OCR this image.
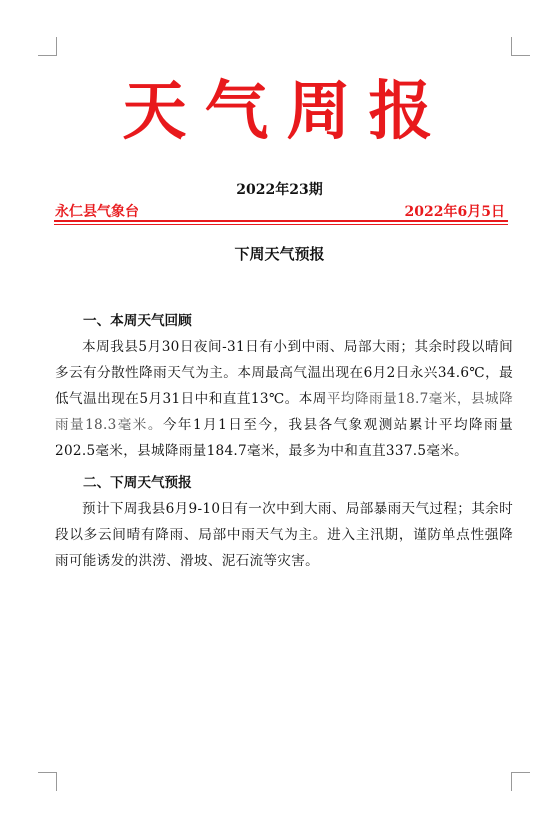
天气周报
2022年23期
永仁县气象台	2022年6月5日
下周天气预报

一、本周天气回顾

本周我县5月30日夜间-31日有小到中雨、局部大雨；其余时段以晴间多云有分散性降雨天气为主。本周最高气温出现在6月2日永兴34.6℃，最低气温出现在5月31日中和直苴13℃。本周平均降雨量18.7毫米，县城降雨量18.3毫米。今年1月1日至今，我县各气象观测站累计平均降雨量202.5毫米，县城降雨量184.7毫米，最多为中和直苴337.5毫米。

二、下周天气预报

预计下周我县6月9-10日有一次中到大雨、局部暴雨天气过程；其余时段以多云间晴有降雨、局部中雨天气为主。进入主汛期，谨防单点性强降雨可能诱发的洪涝、滑坡、泥石流等灾害。
